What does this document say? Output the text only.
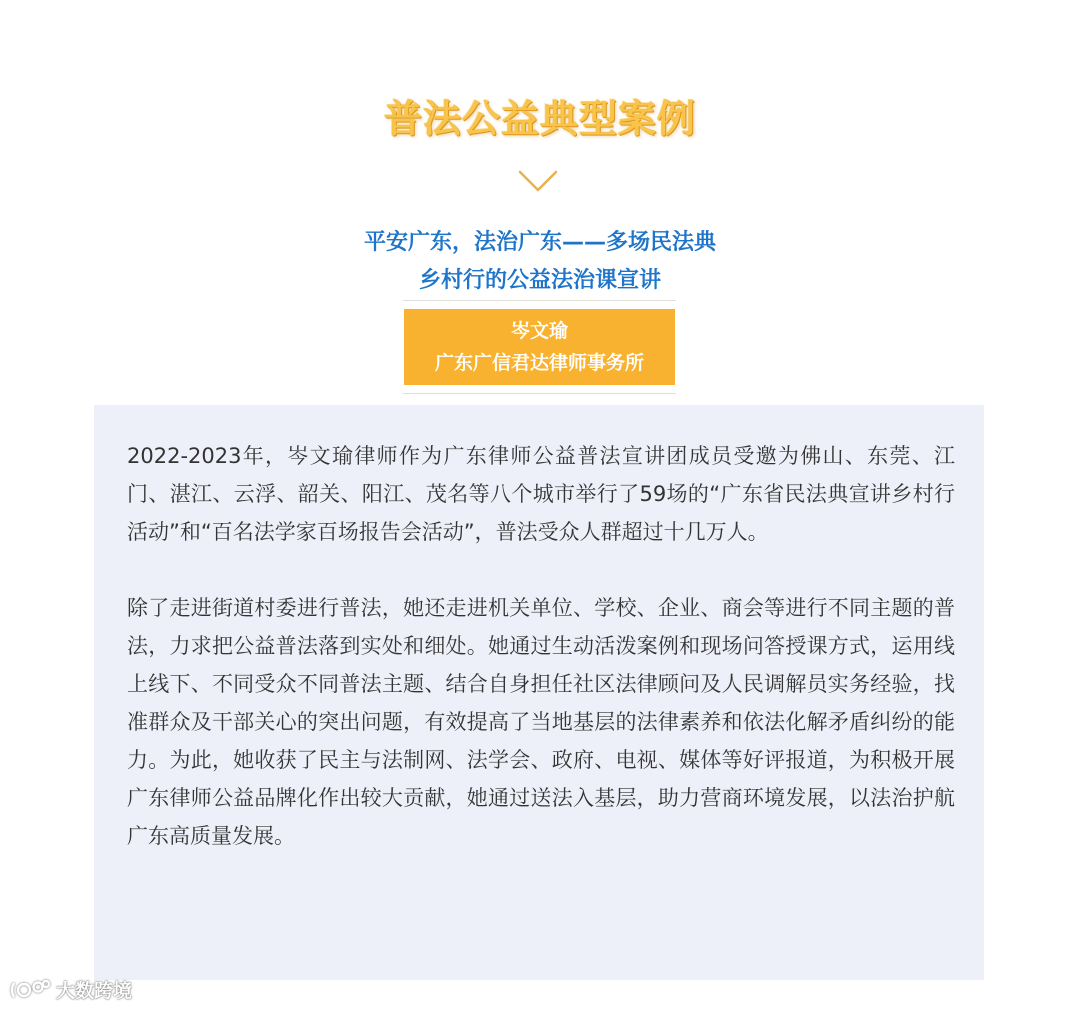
普法公益典型案例
平安广东，法治广东——多场民法典
乡村行的公益法治课宣讲
岑文瑜
广东广信君达律师事务所

2022-2023年，岑文瑜律师作为广东律师公益普法宣讲团成员受邀为佛山、东莞、江门、湛江、云浮、韶关、阳江、茂名等八个城市举行了59场的“广东省民法典宣讲乡村行活动”和“百名法学家百场报告会活动”，普法受众人群超过十几万人。

除了走进街道村委进行普法，她还走进机关单位、学校、企业、商会等进行不同主题的普法，力求把公益普法落到实处和细处。她通过生动活泼案例和现场问答授课方式，运用线上线下、不同受众不同普法主题、结合自身担任社区法律顾问及人民调解员实务经验，找准群众及干部关心的突出问题，有效提高了当地基层的法律素养和依法化解矛盾纠纷的能力。为此，她收获了民主与法制网、法学会、政府、电视、媒体等好评报道，为积极开展广东律师公益品牌化作出较大贡献，她通过送法入基层，助力营商环境发展，以法治护航广东高质量发展。

大数跨境
